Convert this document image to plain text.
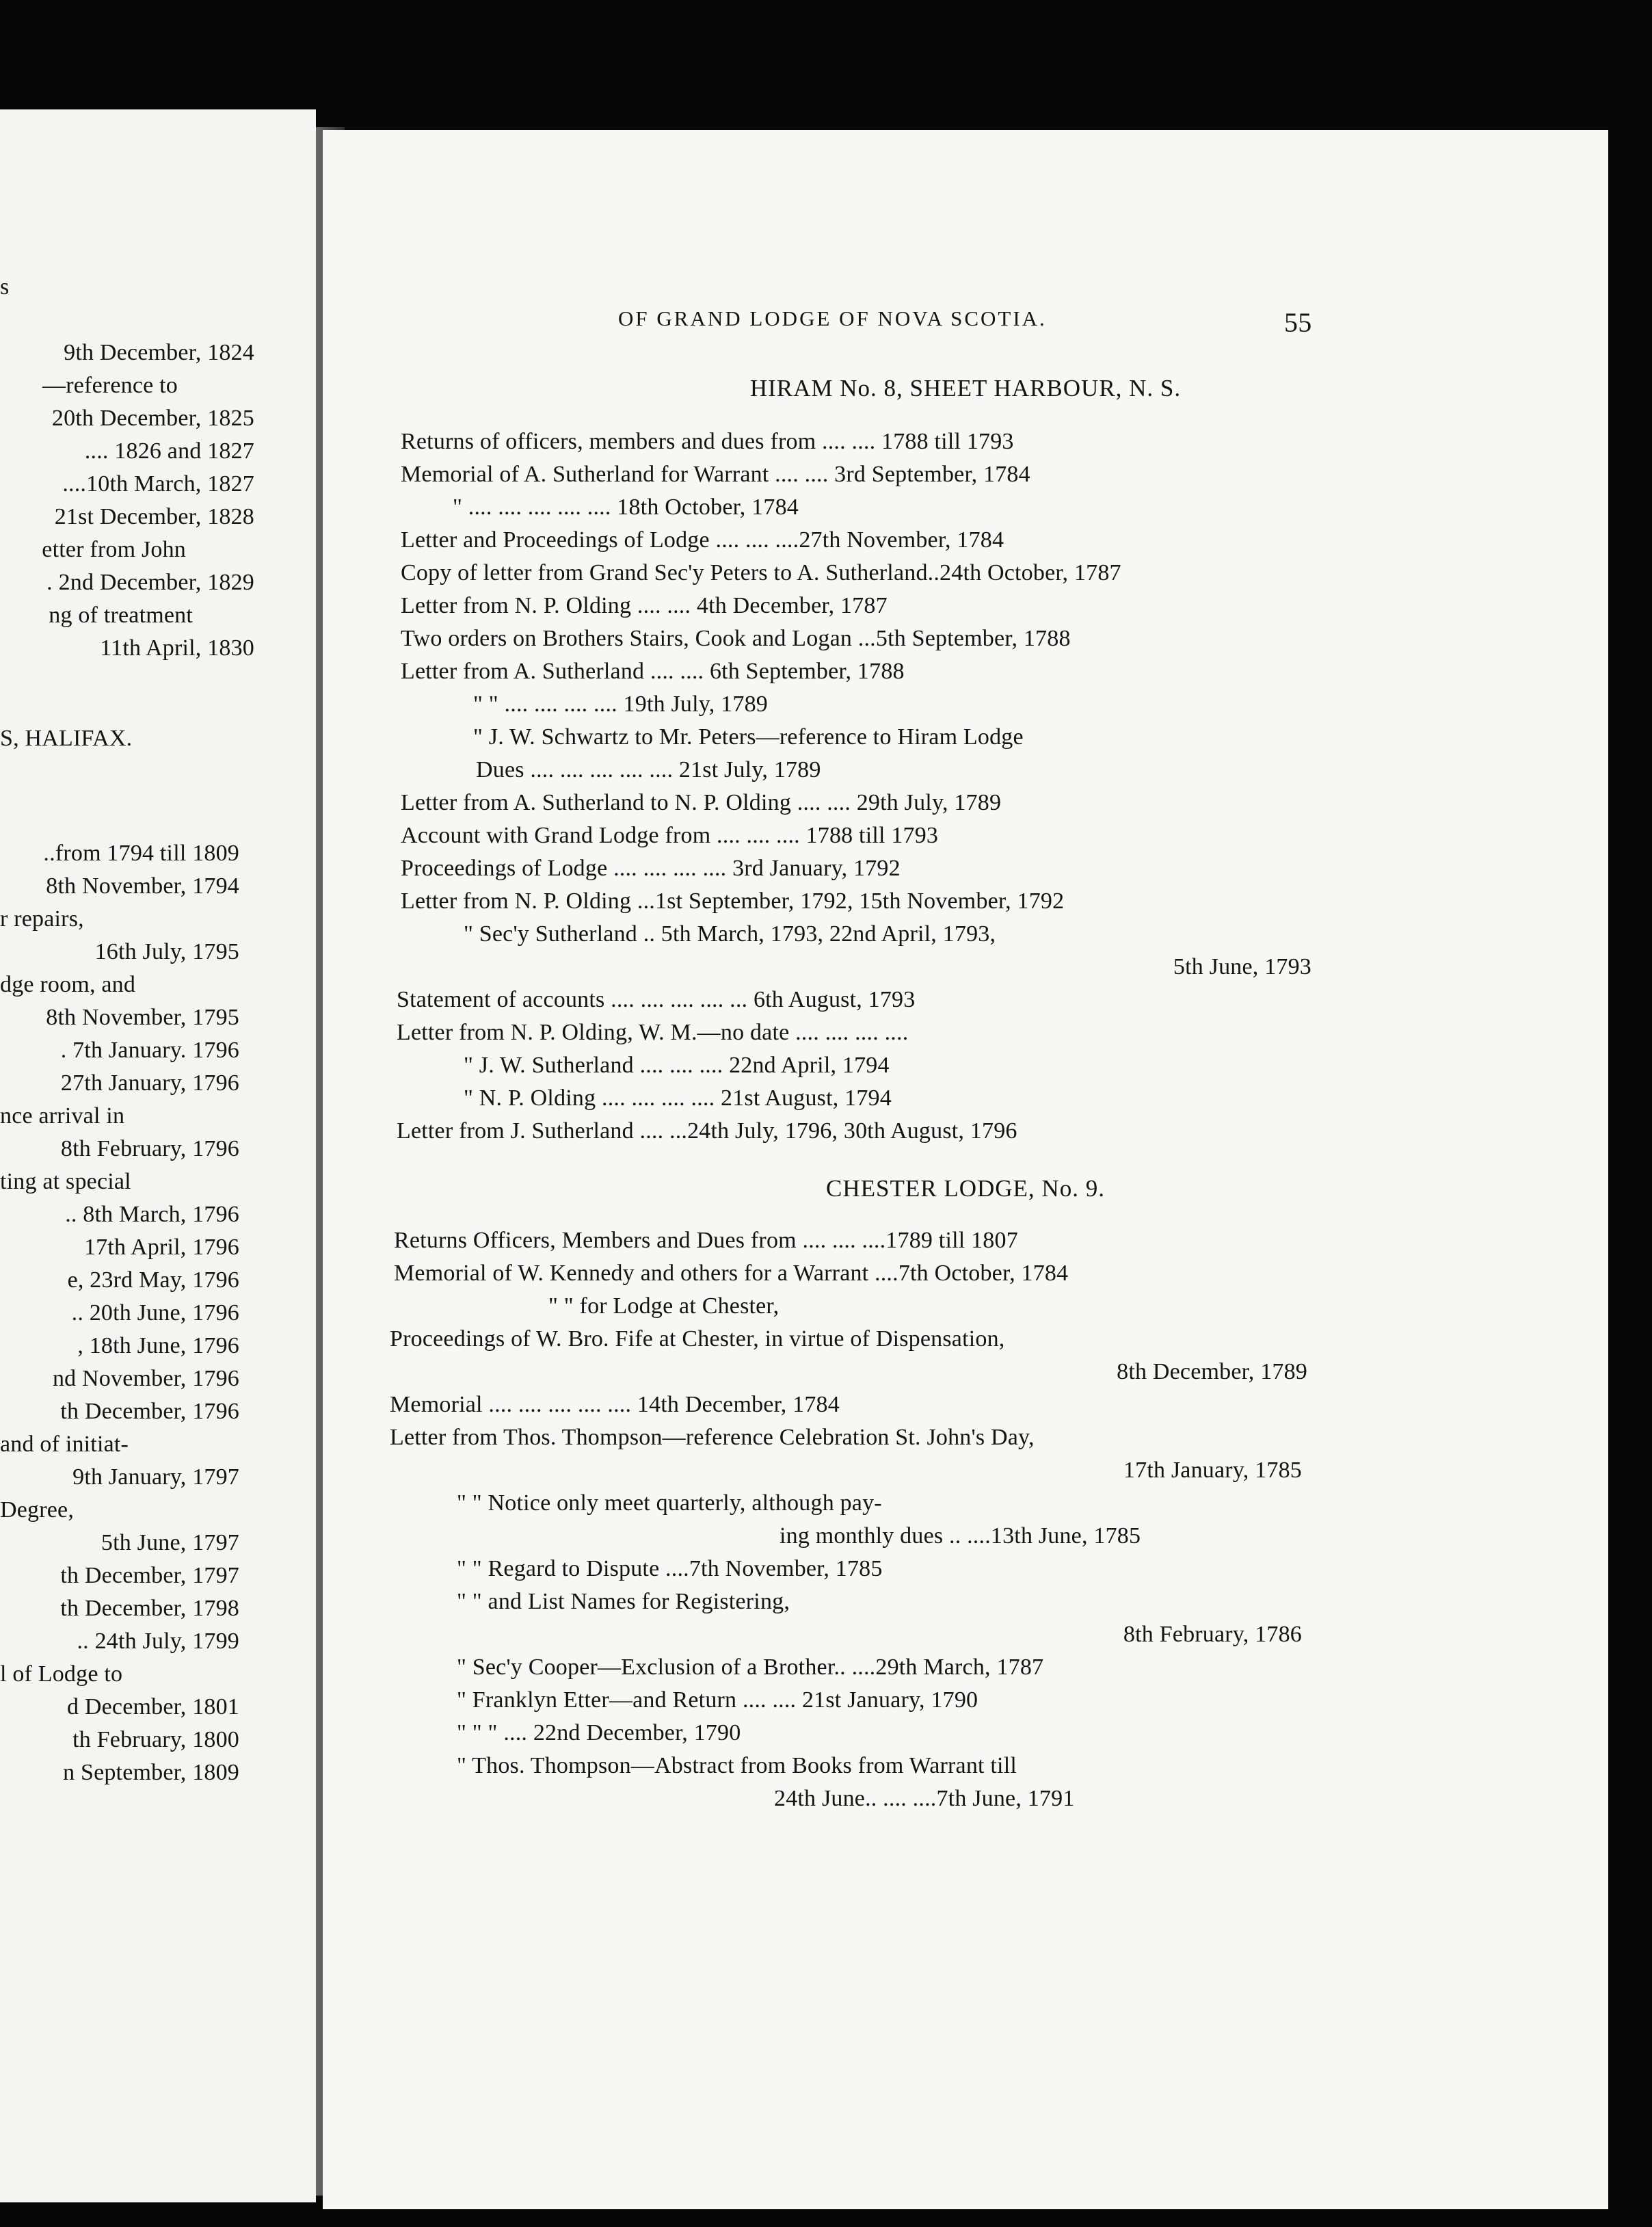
s
9th December, 1824
—reference to
20th December, 1825
.... 1826 and 1827
....10th March, 1827
21st December, 1828
etter from John
. 2nd December, 1829
ng of treatment
11th April, 1830
S, HALIFAX.
..from 1794 till 1809
8th November, 1794
r repairs,
16th July, 1795
dge room, and
8th November, 1795
. 7th January. 1796
27th January, 1796
nce arrival in
8th February, 1796
ting at special
.. 8th March, 1796
17th April, 1796
e, 23rd May, 1796
.. 20th June, 1796
, 18th June, 1796
nd November, 1796
th December, 1796
and of initiat-
9th January, 1797
Degree,
5th June, 1797
th December, 1797
th December, 1798
.. 24th July, 1799
l of Lodge to
d December, 1801
th February, 1800
n September, 1809
OF GRAND LODGE OF NOVA SCOTIA.	55
HIRAM No. 8, SHEET HARBOUR, N. S.
Returns of officers, members and dues from .... .... 1788 till 1793
Memorial of A. Sutherland for Warrant .... .... 3rd September, 1784
" .... .... .... .... .... 18th October, 1784
Letter and Proceedings of Lodge .... .... ....27th November, 1784
Copy of letter from Grand Sec'y Peters to A. Sutherland..24th October, 1787
Letter from N. P. Olding .... .... 4th December, 1787
Two orders on Brothers Stairs, Cook and Logan ...5th September, 1788
Letter from A. Sutherland .... .... 6th September, 1788
" " .... .... .... .... 19th July, 1789
" J. W. Schwartz to Mr. Peters—reference to Hiram Lodge
Dues .... .... .... .... .... 21st July, 1789
Letter from A. Sutherland to N. P. Olding .... .... 29th July, 1789
Account with Grand Lodge from .... .... .... 1788 till 1793
Proceedings of Lodge .... .... .... .... 3rd January, 1792
Letter from N. P. Olding ...1st September, 1792, 15th November, 1792
" Sec'y Sutherland .. 5th March, 1793, 22nd April, 1793,
5th June, 1793
Statement of accounts .... .... .... .... ... 6th August, 1793
Letter from N. P. Olding, W. M.—no date .... .... .... ....
" J. W. Sutherland .... .... .... 22nd April, 1794
" N. P. Olding .... .... .... .... 21st August, 1794
Letter from J. Sutherland .... ...24th July, 1796, 30th August, 1796
CHESTER LODGE, No. 9.
Returns Officers, Members and Dues from .... .... ....1789 till 1807
Memorial of W. Kennedy and others for a Warrant ....7th October, 1784
" " for Lodge at Chester,
Proceedings of W. Bro. Fife at Chester, in virtue of Dispensation,
8th December, 1789
Memorial .... .... .... .... .... 14th December, 1784
Letter from Thos. Thompson—reference Celebration St. John's Day,
17th January, 1785
" " Notice only meet quarterly, although pay-
ing monthly dues .. ....13th June, 1785
" " Regard to Dispute ....7th November, 1785
" " and List Names for Registering,
8th February, 1786
" Sec'y Cooper—Exclusion of a Brother.. ....29th March, 1787
" Franklyn Etter—and Return .... .... 21st January, 1790
" " " .... 22nd December, 1790
" Thos. Thompson—Abstract from Books from Warrant till
24th June.. .... ....7th June, 1791
